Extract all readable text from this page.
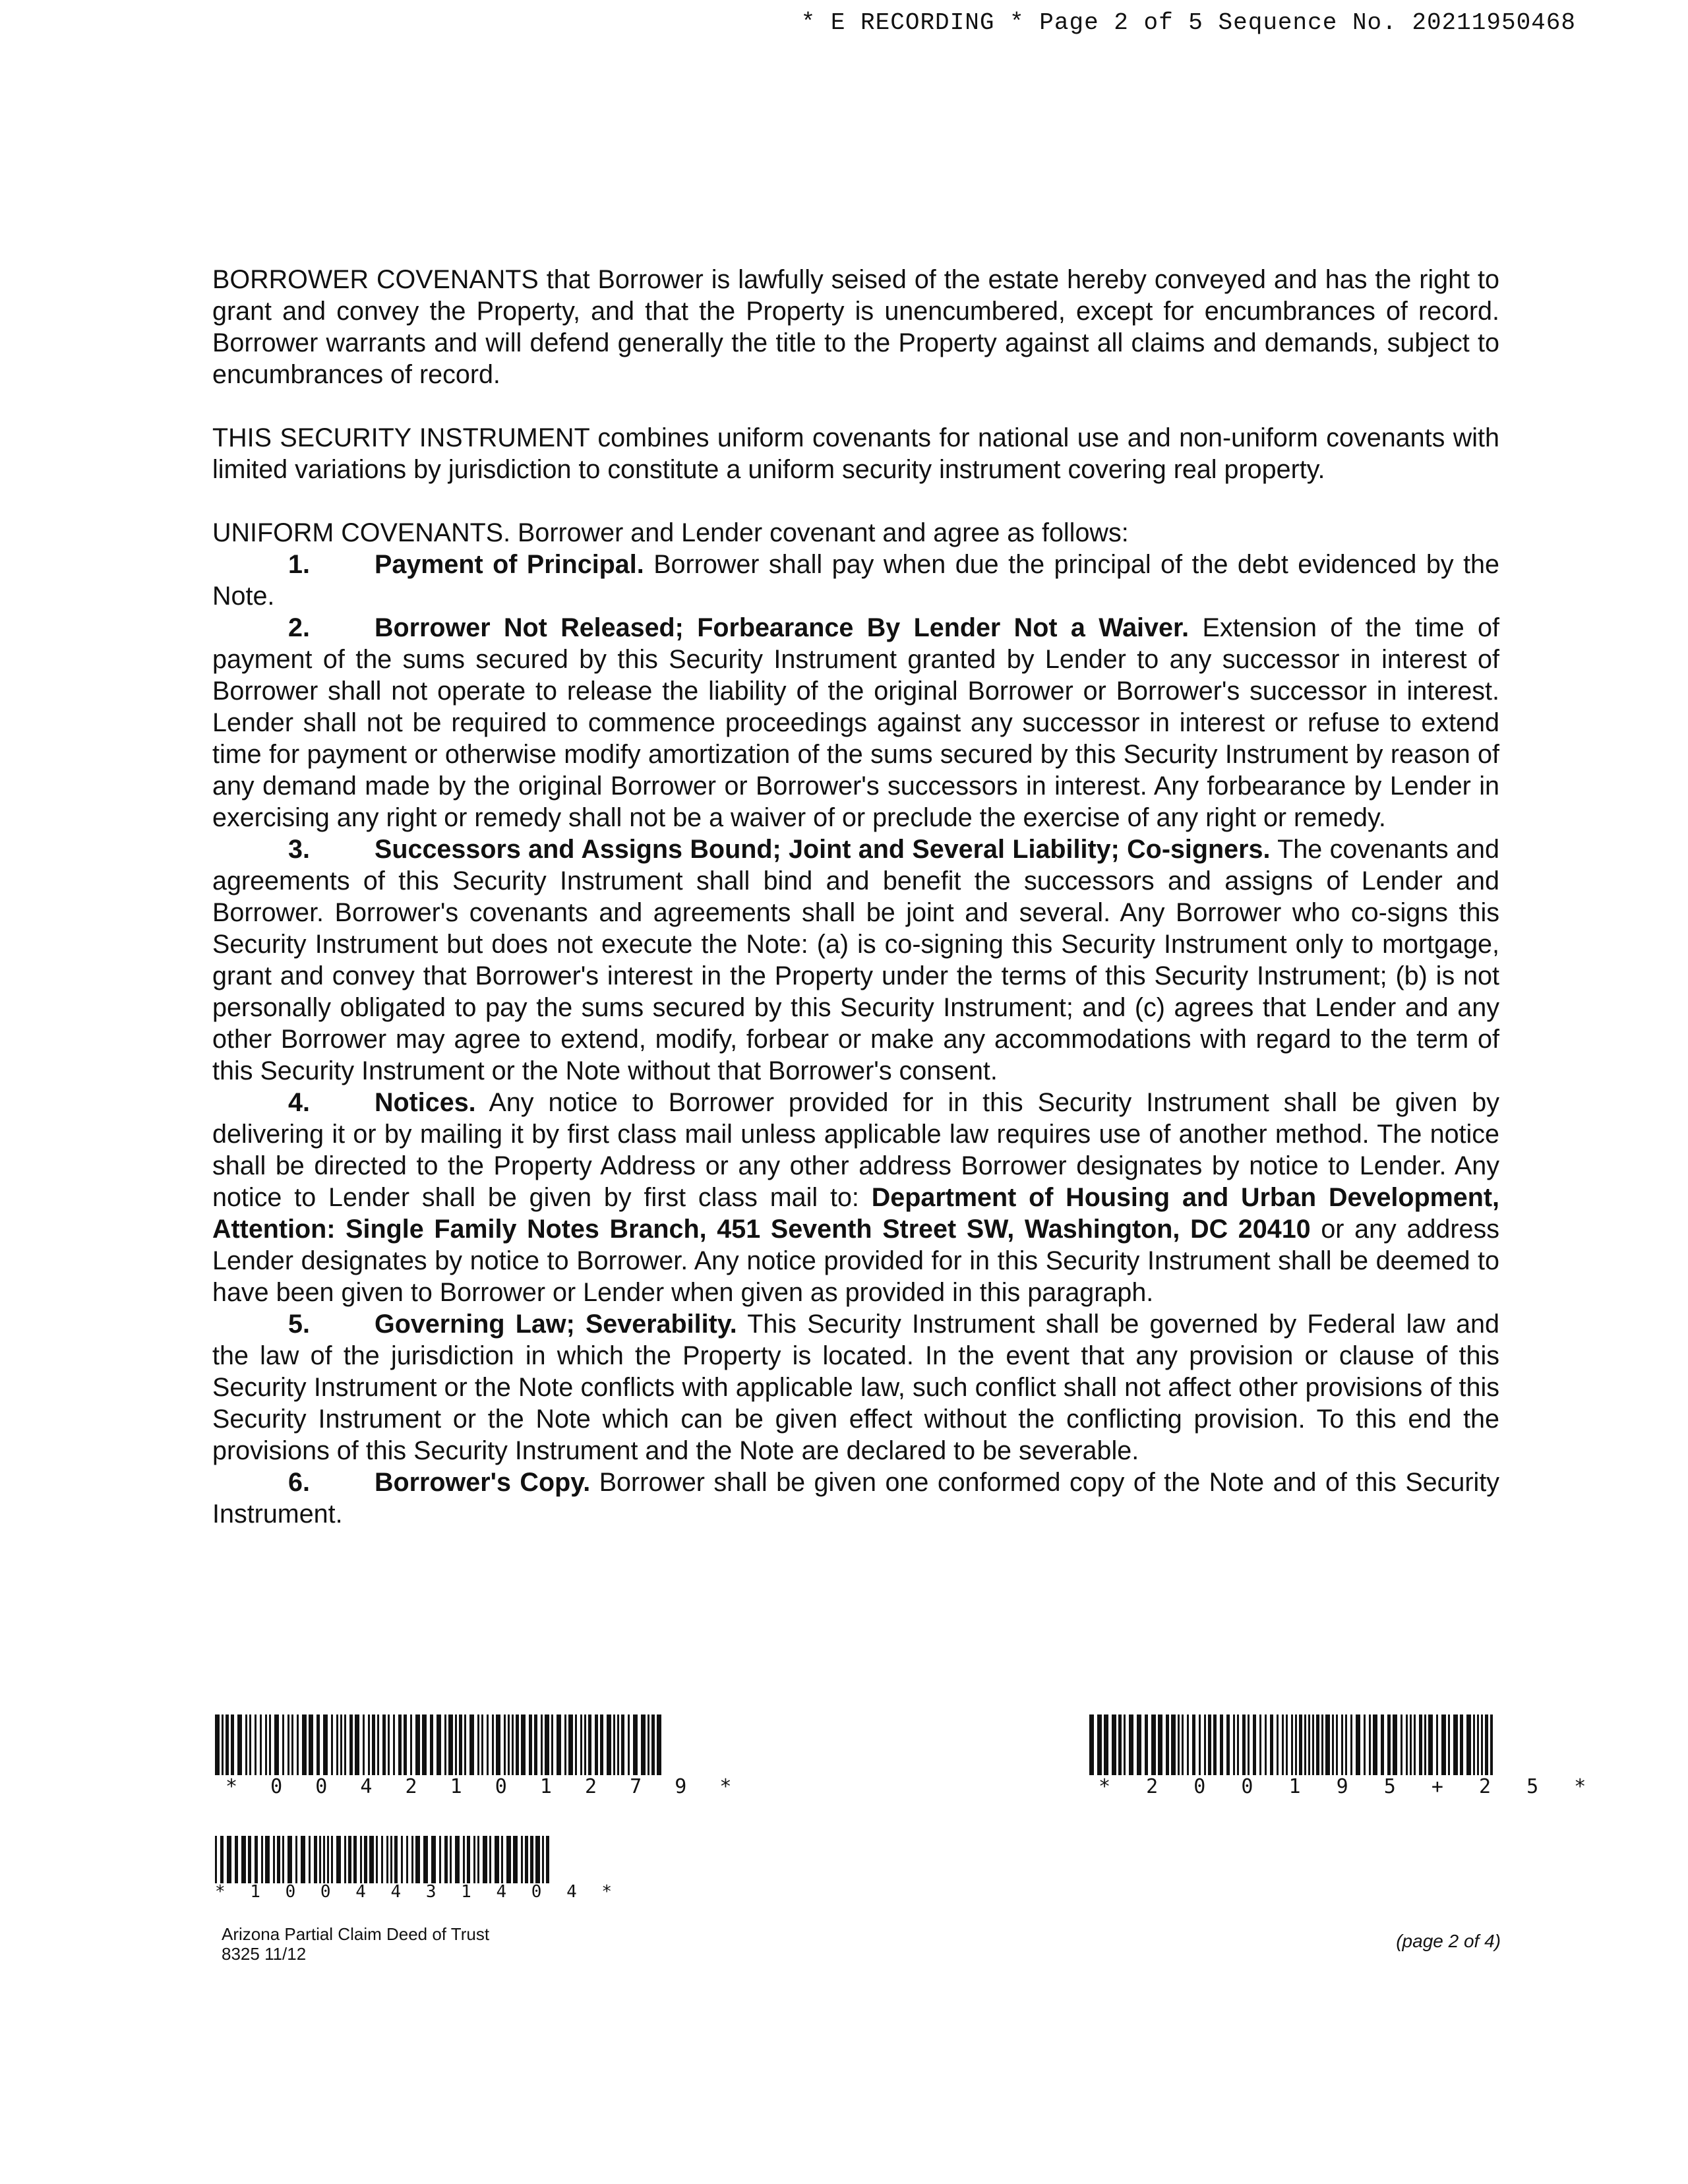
* E RECORDING * Page 2 of 5 Sequence No. 20211950468

BORROWER COVENANTS that Borrower is lawfully seised of the estate hereby conveyed and has the right to grant and convey the Property, and that the Property is unencumbered, except for encumbrances of record. Borrower warrants and will defend generally the title to the Property against all claims and demands, subject to encumbrances of record.

THIS SECURITY INSTRUMENT combines uniform covenants for national use and non-uniform covenants with limited variations by jurisdiction to constitute a uniform security instrument covering real property.

UNIFORM COVENANTS. Borrower and Lender covenant and agree as follows:

1. Payment of Principal. Borrower shall pay when due the principal of the debt evidenced by the Note.

2. Borrower Not Released; Forbearance By Lender Not a Waiver. Extension of the time of payment of the sums secured by this Security Instrument granted by Lender to any successor in interest of Borrower shall not operate to release the liability of the original Borrower or Borrower's successor in interest. Lender shall not be required to commence proceedings against any successor in interest or refuse to extend time for payment or otherwise modify amortization of the sums secured by this Security Instrument by reason of any demand made by the original Borrower or Borrower's successors in interest. Any forbearance by Lender in exercising any right or remedy shall not be a waiver of or preclude the exercise of any right or remedy.

3. Successors and Assigns Bound; Joint and Several Liability; Co-signers. The covenants and agreements of this Security Instrument shall bind and benefit the successors and assigns of Lender and Borrower. Borrower's covenants and agreements shall be joint and several. Any Borrower who co-signs this Security Instrument but does not execute the Note: (a) is co-signing this Security Instrument only to mortgage, grant and convey that Borrower's interest in the Property under the terms of this Security Instrument; (b) is not personally obligated to pay the sums secured by this Security Instrument; and (c) agrees that Lender and any other Borrower may agree to extend, modify, forbear or make any accommodations with regard to the term of this Security Instrument or the Note without that Borrower's consent.

4. Notices. Any notice to Borrower provided for in this Security Instrument shall be given by delivering it or by mailing it by first class mail unless applicable law requires use of another method. The notice shall be directed to the Property Address or any other address Borrower designates by notice to Lender. Any notice to Lender shall be given by first class mail to: Department of Housing and Urban Development, Attention: Single Family Notes Branch, 451 Seventh Street SW, Washington, DC 20410 or any address Lender designates by notice to Borrower. Any notice provided for in this Security Instrument shall be deemed to have been given to Borrower or Lender when given as provided in this paragraph.

5. Governing Law; Severability. This Security Instrument shall be governed by Federal law and the law of the jurisdiction in which the Property is located. In the event that any provision or clause of this Security Instrument or the Note conflicts with applicable law, such conflict shall not affect other provisions of this Security Instrument or the Note which can be given effect without the conflicting provision. To this end the provisions of this Security Instrument and the Note are declared to be severable.

6. Borrower's Copy. Borrower shall be given one conformed copy of the Note and of this Security Instrument.

* 0 0 4 2 1 0 1 2 7 9 *	* 2 0 0 1 9 5 + 2 5 *
* 1 0 0 4 4 3 1 4 0 4 *
Arizona Partial Claim Deed of Trust
8325 11/12
(page 2 of 4)
